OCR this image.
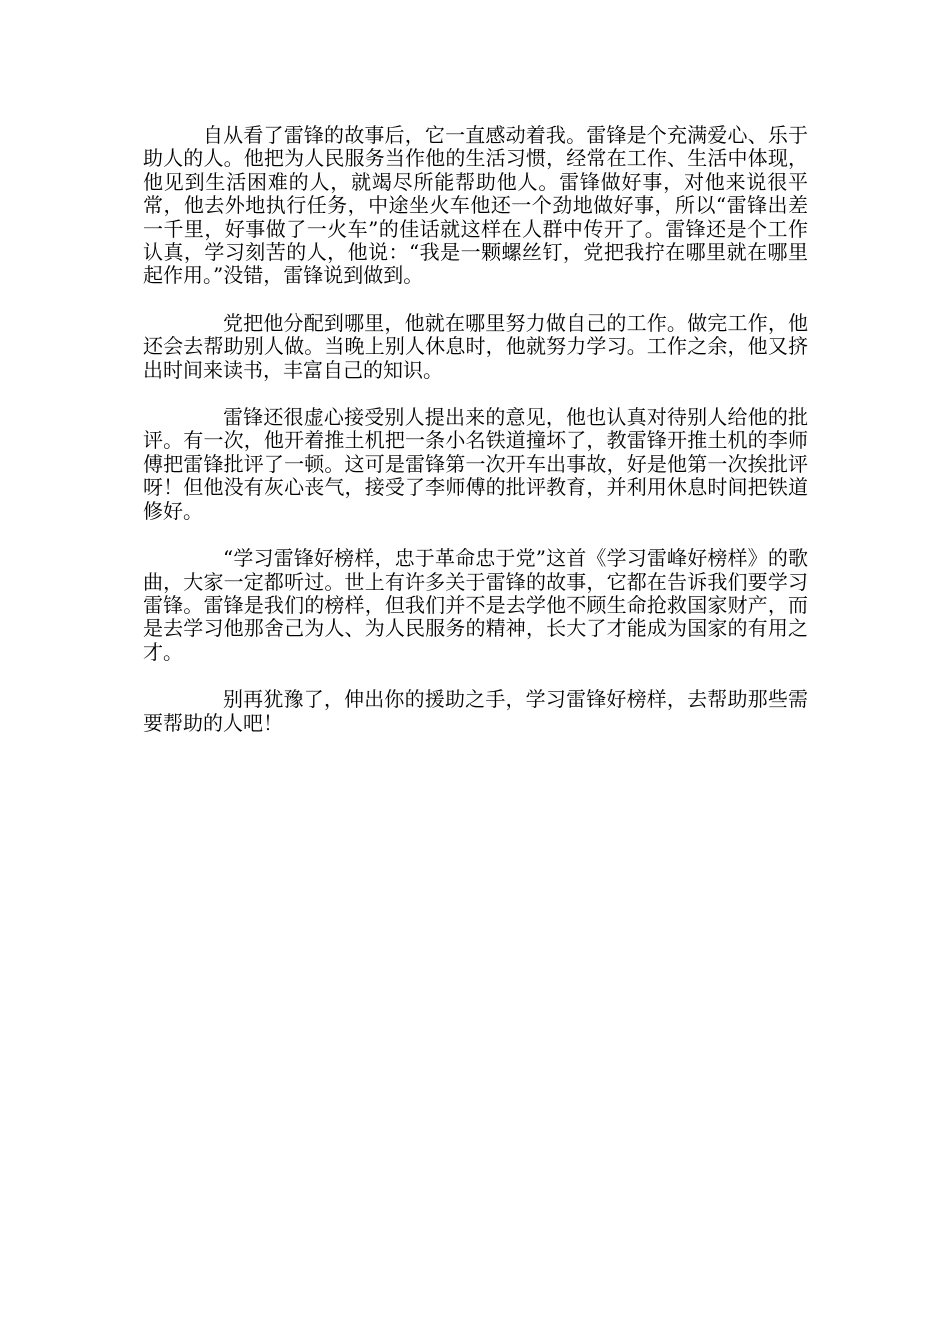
自从看了雷锋的故事后，它一直感动着我。雷锋是个充满爱心、乐于助人的人。他把为人民服务当作他的生活习惯，经常在工作、生活中体现，他见到生活困难的人，就竭尽所能帮助他人。雷锋做好事，对他来说很平常，他去外地执行任务，中途坐火车他还一个劲地做好事，所以“雷锋出差一千里，好事做了一火车”的佳话就这样在人群中传开了。雷锋还是个工作认真，学习刻苦的人，他说：“我是一颗螺丝钉，党把我拧在哪里就在哪里起作用。”没错，雷锋说到做到。

党把他分配到哪里，他就在哪里努力做自己的工作。做完工作，他还会去帮助别人做。当晚上别人休息时，他就努力学习。工作之余，他又挤出时间来读书，丰富自己的知识。

雷锋还很虚心接受别人提出来的意见，他也认真对待别人给他的批评。有一次，他开着推土机把一条小名铁道撞坏了，教雷锋开推土机的李师傅把雷锋批评了一顿。这可是雷锋第一次开车出事故，好是他第一次挨批评呀！但他没有灰心丧气，接受了李师傅的批评教育，并利用休息时间把铁道修好。

“学习雷锋好榜样，忠于革命忠于党”这首《学习雷峰好榜样》的歌曲，大家一定都听过。世上有许多关于雷锋的故事，它都在告诉我们要学习雷锋。雷锋是我们的榜样，但我们并不是去学他不顾生命抢救国家财产，而是去学习他那舍己为人、为人民服务的精神，长大了才能成为国家的有用之才。

别再犹豫了，伸出你的援助之手，学习雷锋好榜样，去帮助那些需要帮助的人吧！
